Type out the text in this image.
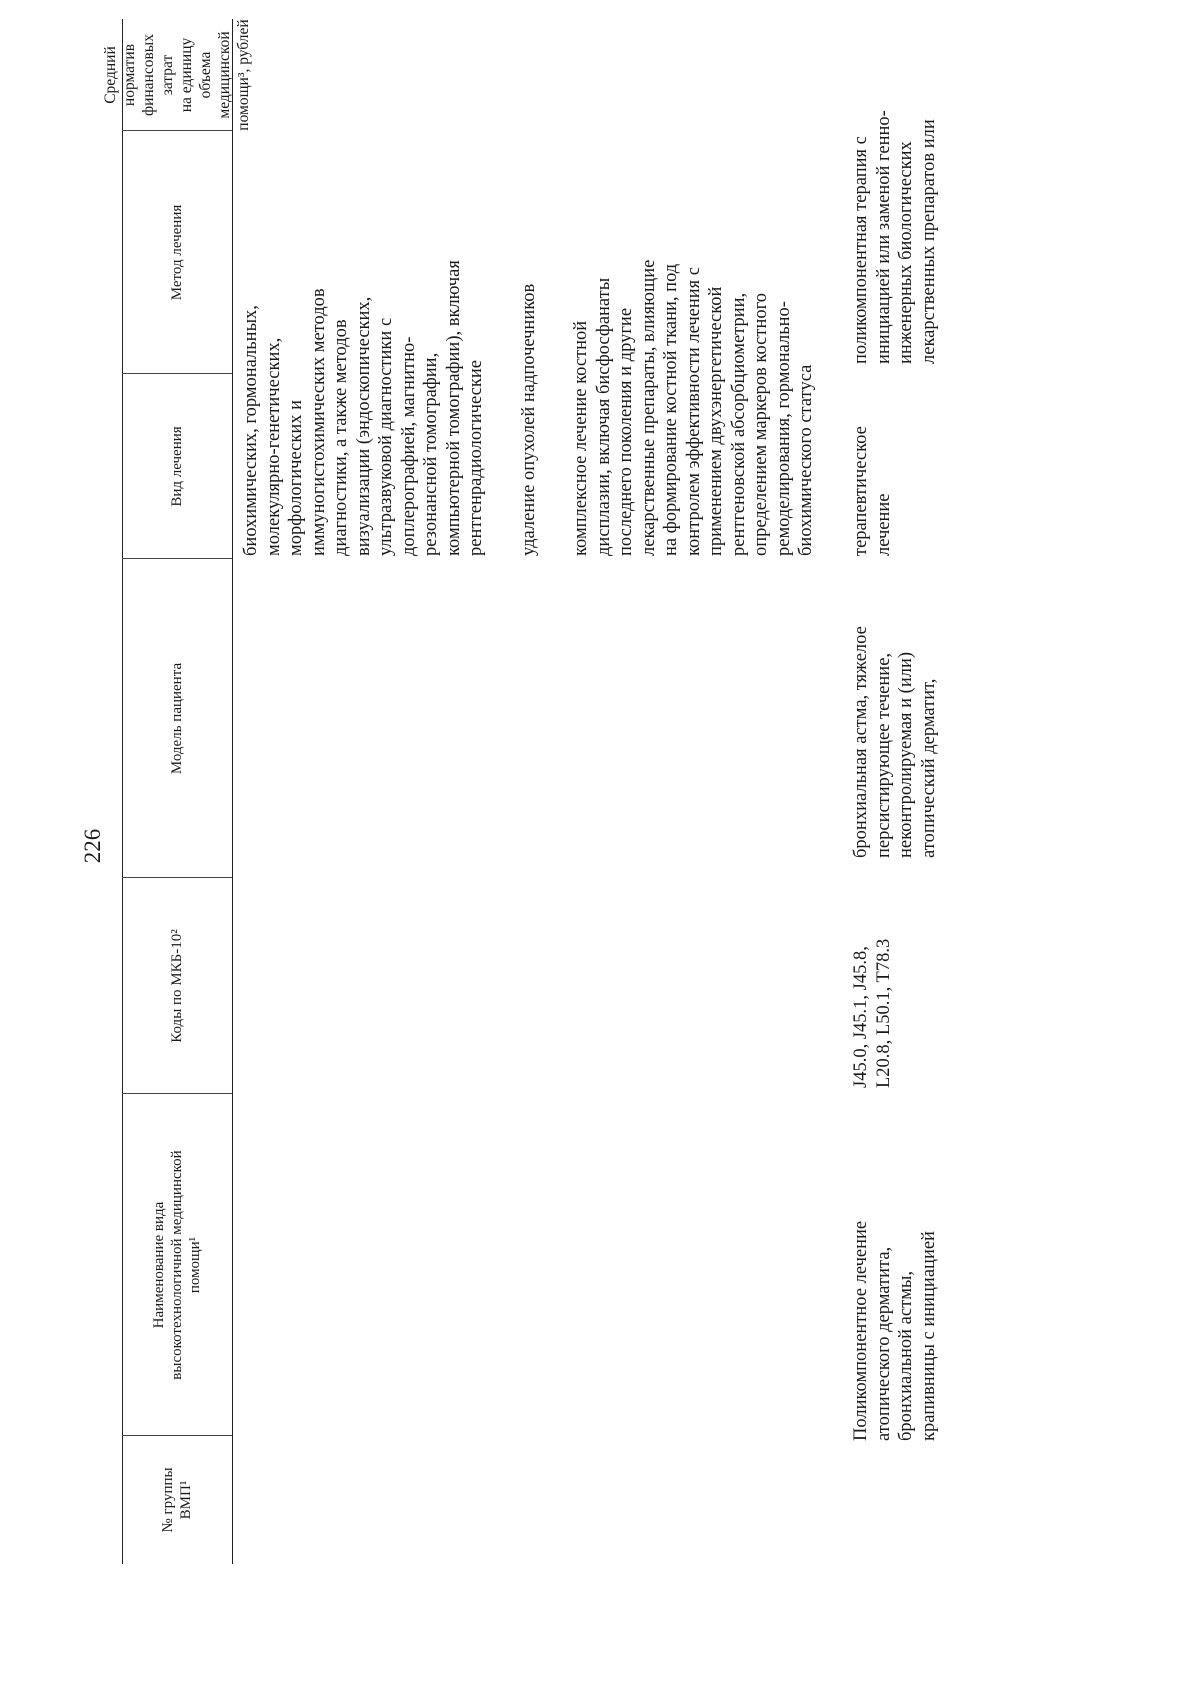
226
№ группы
ВМП¹
Наименование вида
высокотехнологичной медицинской
помощи¹
Коды по МКБ-10²
Модель пациента
Вид лечения
Метод лечения
Средний норматив
финансовых затрат
на единицу объема
медицинской
помощи³, рублей
биохимических, гормональных,
молекулярно-генетических,
морфологических и
иммуногистохимических методов
диагностики, а также методов
визуализации (эндоскопических,
ультразвуковой диагностики с
доплерографией, магнитно-
резонансной томографии,
компьютерной томографии), включая
рентгенрадиологические удаление опухолей надпочечников комплексное лечение костной
дисплазии, включая бисфосфанаты
последнего поколения и другие
лекарственные препараты, влияющие
на формирование костной ткани, под
контролем эффективности лечения с
применением двухэнергетической
рентгеновской абсорбциометрии,
определением маркеров костного
ремоделирования, гормонально-
биохимического статуса
Поликомпонентное лечение
атопического дерматита,
бронхиальной астмы,
крапивницы с инициацией
J45.0, J45.1, J45.8,
L20.8, L50.1, T78.3
бронхиальная астма, тяжелое
персистирующее течение,
неконтролируемая и (или)
атопический дерматит,
терапевтическое
лечение
поликомпонентная терапия с
инициацией или заменой генно-
инженерных биологических
лекарственных препаратов или
